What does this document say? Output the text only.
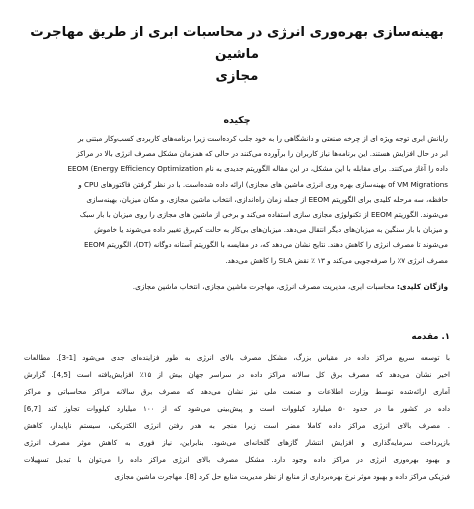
بهینه‌سازی بهره‌وری انرژی در محاسبات ابری از طریق مهاجرت ماشین
مجازی
چکیده
رایانش ابری توجه ویژه ای از چرخه صنعتی و دانشگاهی را به خود جلب کرده‌است زیرا برنامه‌های کاربردی کسب‌وکار مبتنی بر
ابر در حال افزایش هستند. این برنامه‌ها نیاز کاربران را برآورده می‌کنند در حالی که همزمان مشکل مصرف انرژی بالا در مراکز
داده را آغاز می‌کنند. برای مقابله با این مشکل، در این مقاله الگوریتم جدیدی به نام EEOM (Energy Efficiency Optimization
of VM Migrations بهینه‌سازی بهره وری انرژی ماشین های مجازی) ارائه داده شده‌است. با در نظر گرفتن فاکتورهای CPU و
حافظه، سه مرحله کلیدی برای الگوریتم EEOM از جمله زمان راه‌اندازی، انتخاب ماشین مجازی، و مکان میزبان، بهینه‌سازی
می‌شوند. الگوریتم EEOM از تکنولوژی مجازی سازی استفاده می‌کند و برخی از ماشین های مجازی را روی میزبان با بار سبک
و میزبان با بار سنگین به میزبان‌های دیگر انتقال می‌دهد. میزبان‌های بی‌کار به حالت کم‌برق تغییر داده می‌شوند یا خاموش
می‌شوند تا مصرف انرژی را کاهش دهند. نتایج نشان می‌دهد که، در مقایسه با الگوریتم آستانه دوگانه (DT)، الگوریتم EEOM
مصرف انرژی ۷٪ را صرفه‌جویی می‌کند و ۱۳ ٪ نقض SLA را کاهش می‌دهد.
واژگان کلیدی: محاسبات ابری، مدیریت مصرف انرژی، مهاجرت ماشین مجازی، انتخاب ماشین مجازی.
۱. مقدمه
با توسعه سریع مراکز داده در مقیاس بزرگ، مشکل مصرف بالای انرژی به طور فزاینده‌ای جدی می‌شود [1-3]. مطالعات
اخیر نشان می‌دهد که مصرف برق کل سالانه مراکز داده در سراسر جهان بیش از ۱۵٪ افزایش‌یافته است [4,5]. گزارش
آماری ارائه‌شده توسط وزارت اطلاعات و صنعت ملی نیز نشان می‌دهد که مصرف برق سالانه مراکز محاسباتی و مراکز
داده در کشور ما در حدود ۵۰ میلیارد کیلووات است و پیش‌بینی می‌شود که از ۱۰۰ میلیارد کیلووات تجاوز کند [6,7]
. مصرف بالای انرژی مراکز داده کاملا مضر است زیرا منجر به هدر رفتن انرژی الکتریکی، سیستم ناپایدار، کاهش
بازپرداخت سرمایه‌گذاری و افزایش انتشار گازهای گلخانه‌ای می‌شود. بنابراین، نیاز فوری به کاهش موثر مصرف انرژی
و بهبود بهره‌وری انرژی در مراکز داده وجود دارد. مشکل مصرف بالای انرژی مراکز داده را می‌توان با تبدیل تسهیلات
فیزیکی مراکز داده و بهبود موثر نرخ بهره‌برداری از منابع از نظر مدیریت منابع حل کرد [8]. مهاجرت ماشین مجازی
